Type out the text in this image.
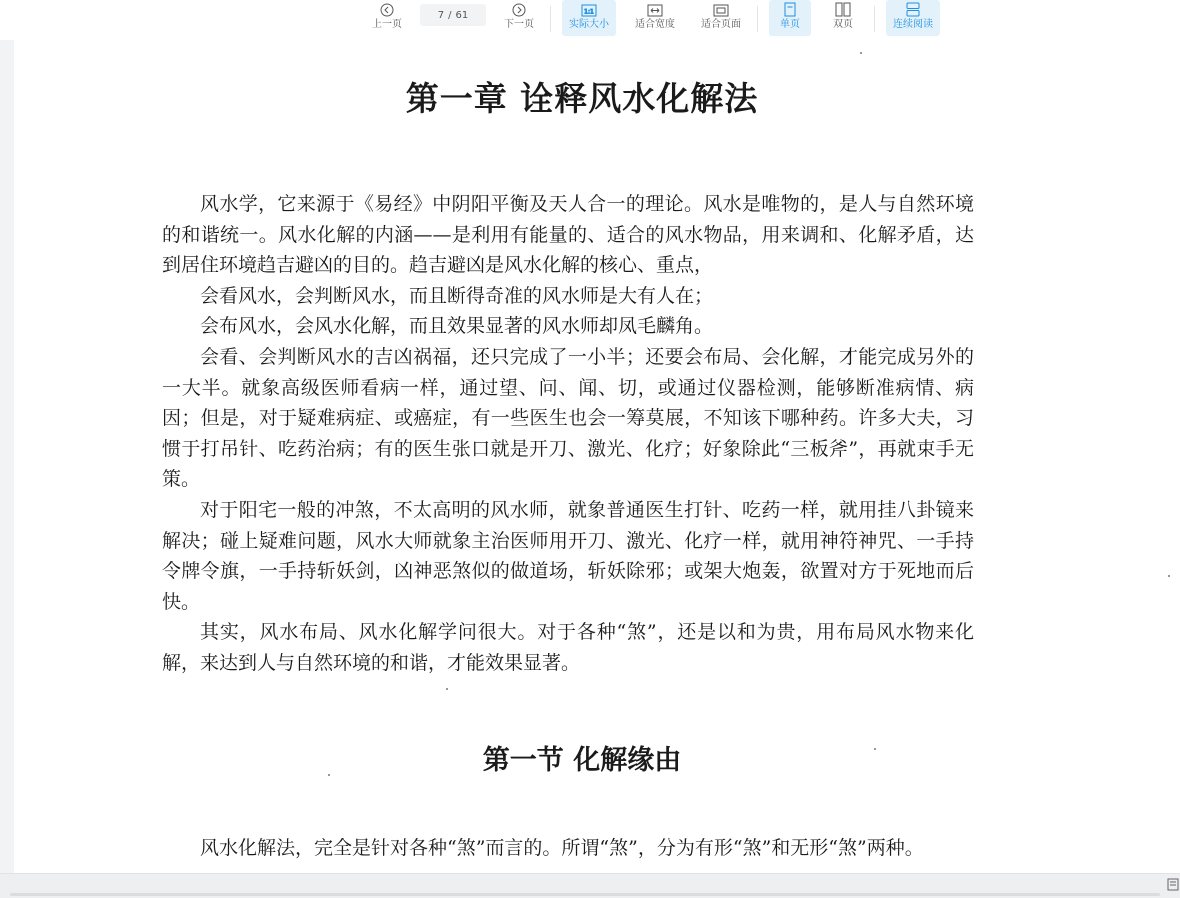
上一页
7 / 61
下一页
1:1
实际大小	适合宽度	适合页面	单页	双页	连续阅读
第一章 诠释风水化解法

风水学，它来源于《易经》中阴阳平衡及天人合一的理论。风水是唯物的，是人与自然环境的和谐统一。风水化解的内涵——是利用有能量的、适合的风水物品，用来调和、化解矛盾，达到居住环境趋吉避凶的目的。趋吉避凶是风水化解的核心、重点，

会看风水，会判断风水，而且断得奇准的风水师是大有人在；

会布风水，会风水化解，而且效果显著的风水师却凤毛麟角。

会看、会判断风水的吉凶祸福，还只完成了一小半；还要会布局、会化解，才能完成另外的一大半。就象高级医师看病一样，通过望、问、闻、切，或通过仪器检测，能够断准病情、病因；但是，对于疑难病症、或癌症，有一些医生也会一筹莫展，不知该下哪种药。许多大夫，习惯于打吊针、吃药治病；有的医生张口就是开刀、激光、化疗；好象除此“三板斧”，再就束手无策。

对于阳宅一般的冲煞，不太高明的风水师，就象普通医生打针、吃药一样，就用挂八卦镜来解决；碰上疑难问题，风水大师就象主治医师用开刀、激光、化疗一样，就用神符神咒、一手持令牌令旗，一手持斩妖剑，凶神恶煞似的做道场，斩妖除邪；或架大炮轰，欲置对方于死地而后快。

其实，风水布局、风水化解学问很大。对于各种“煞”，还是以和为贵，用布局风水物来化解，来达到人与自然环境的和谐，才能效果显著。

第一节 化解缘由

风水化解法，完全是针对各种“煞”而言的。所谓“煞”，分为有形“煞”和无形“煞”两种。
